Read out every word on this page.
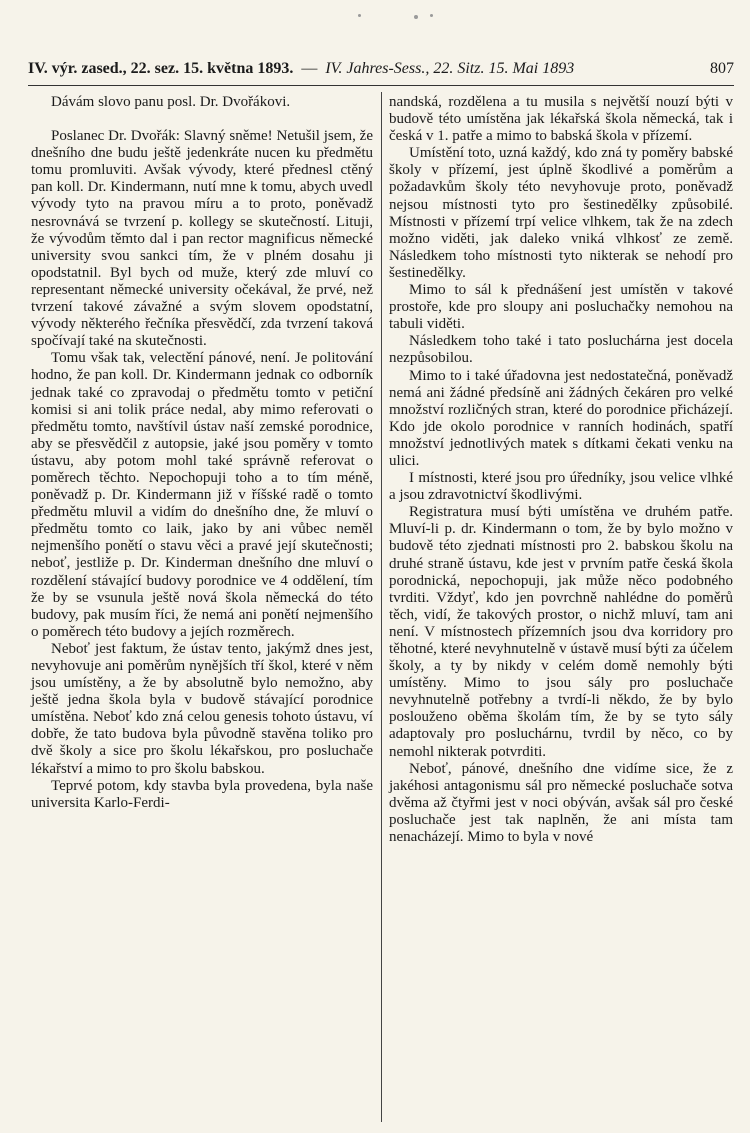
IV. výr. zased., 22. sez. 15. května 1893. — IV. Jahres-Sess., 22. Sitz. 15. Mai 1893	807

Dávám slovo panu posl. Dr. Dvořákovi.

Poslanec Dr. Dvořák: Slavný sněme! Netušil jsem, že dnešního dne budu ještě jedenkráte nucen ku předmětu tomu promluviti. Avšak vývody, které přednesl ctěný pan koll. Dr. Kindermann, nutí mne k tomu, abych uvedl vývody tyto na pravou míru a to proto, poněvadž nesrovnává se tvrzení p. kollegy se skutečností. Lituji, že vývodům těmto dal i pan rector magnificus německé university svou sankci tím, že v plném dosahu ji opodstatnil. Byl bych od muže, který zde mluví co representant německé university očekával, že prvé, než tvrzení takové závažné a svým slovem opodstatní, vývody některého řečníka přesvědčí, zda tvrzení taková spočívají také na skutečnosti.

Tomu však tak, velectění pánové, není. Je politování hodno, že pan koll. Dr. Kindermann jednak co odborník jednak také co zpravodaj o předmětu tomto v petiční komisi si ani tolik práce nedal, aby mimo referovati o předmětu tomto, navštívil ústav naší zemské porodnice, aby se přesvědčil z autopsie, jaké jsou poměry v tomto ústavu, aby potom mohl také správně referovat o poměrech těchto. Nepochopuji toho a to tím méně, poněvadž p. Dr. Kindermann již v říšské radě o tomto předmětu mluvil a vidím do dnešního dne, že mluví o předmětu tomto co laik, jako by ani vůbec neměl nejmenšího ponětí o stavu věci a pravé její skutečnosti; neboť, jestliže p. Dr. Kinderman dnešního dne mluví o rozdělení stávající budovy porodnice ve 4 oddělení, tím že by se vsunula ještě nová škola německá do této budovy, pak musím říci, že nemá ani ponětí nejmenšího o poměrech této budovy a jejích rozměrech.

Neboť jest faktum, že ústav tento, jakýmž dnes jest, nevyhovuje ani poměrům nynějších tří škol, které v něm jsou umístěny, a že by absolutně bylo nemožno, aby ještě jedna škola byla v budově stávající porodnice umístěna. Neboť kdo zná celou genesis tohoto ústavu, ví dobře, že tato budova byla původně stavěna toliko pro dvě školy a sice pro školu lékařskou, pro posluchače lékařství a mimo to pro školu babskou.

Teprvé potom, kdy stavba byla provedena, byla naše universita Karlo-Ferdi-

nandská, rozdělena a tu musila s největší nouzí býti v budově této umístěna jak lékařská škola německá, tak i česká v 1. patře a mimo to babská škola v přízemí.

Umístění toto, uzná každý, kdo zná ty poměry babské školy v přízemí, jest úplně škodlivé a poměrům a požadavkům školy této nevyhovuje proto, poněvadž nejsou místnosti tyto pro šestinedělky způsobilé. Místnosti v přízemí trpí velice vlhkem, tak že na zdech možno viděti, jak daleko vniká vlhkosť ze země. Následkem toho místnosti tyto nikterak se nehodí pro šestinedělky.

Mimo to sál k přednášení jest umístěn v takové prostoře, kde pro sloupy ani posluchačky nemohou na tabuli viděti.

Následkem toho také i tato posluchárna jest docela nezpůsobilou.

Mimo to i také úřadovna jest nedostatečná, poněvadž nemá ani žádné předsíně ani žádných čekáren pro velké množství rozličných stran, které do porodnice přicházejí. Kdo jde okolo porodnice v ranních hodinách, spatří množství jednotlivých matek s dítkami čekati venku na ulici.

I místnosti, které jsou pro úředníky, jsou velice vlhké a jsou zdravotnictví škodlivými.

Registratura musí býti umístěna ve druhém patře. Mluví-li p. dr. Kindermann o tom, že by bylo možno v budově této zjednati místnosti pro 2. babskou školu na druhé straně ústavu, kde jest v prvním patře česká škola porodnická, nepochopuji, jak může něco podobného tvrditi. Vždyť, kdo jen povrchně nahlédne do poměrů těch, vidí, že takových prostor, o nichž mluví, tam ani není. V místnostech přízemních jsou dva korridory pro těhotné, které nevyhnutelně v ústavě musí býti za účelem školy, a ty by nikdy v celém domě nemohly býti umístěny. Mimo to jsou sály pro posluchače nevyhnutelně potřebny a tvrdí-li někdo, že by bylo poslouženo oběma školám tím, že by se tyto sály adaptovaly pro posluchárnu, tvrdil by něco, co by nemohl nikterak potvrditi.

Neboť, pánové, dnešního dne vidíme sice, že z jakéhosi antagonismu sál pro německé posluchače sotva dvěma až čtyřmi jest v noci obýván, avšak sál pro české posluchače jest tak naplněn, že ani místa tam nenacházejí. Mimo to byla v nové
